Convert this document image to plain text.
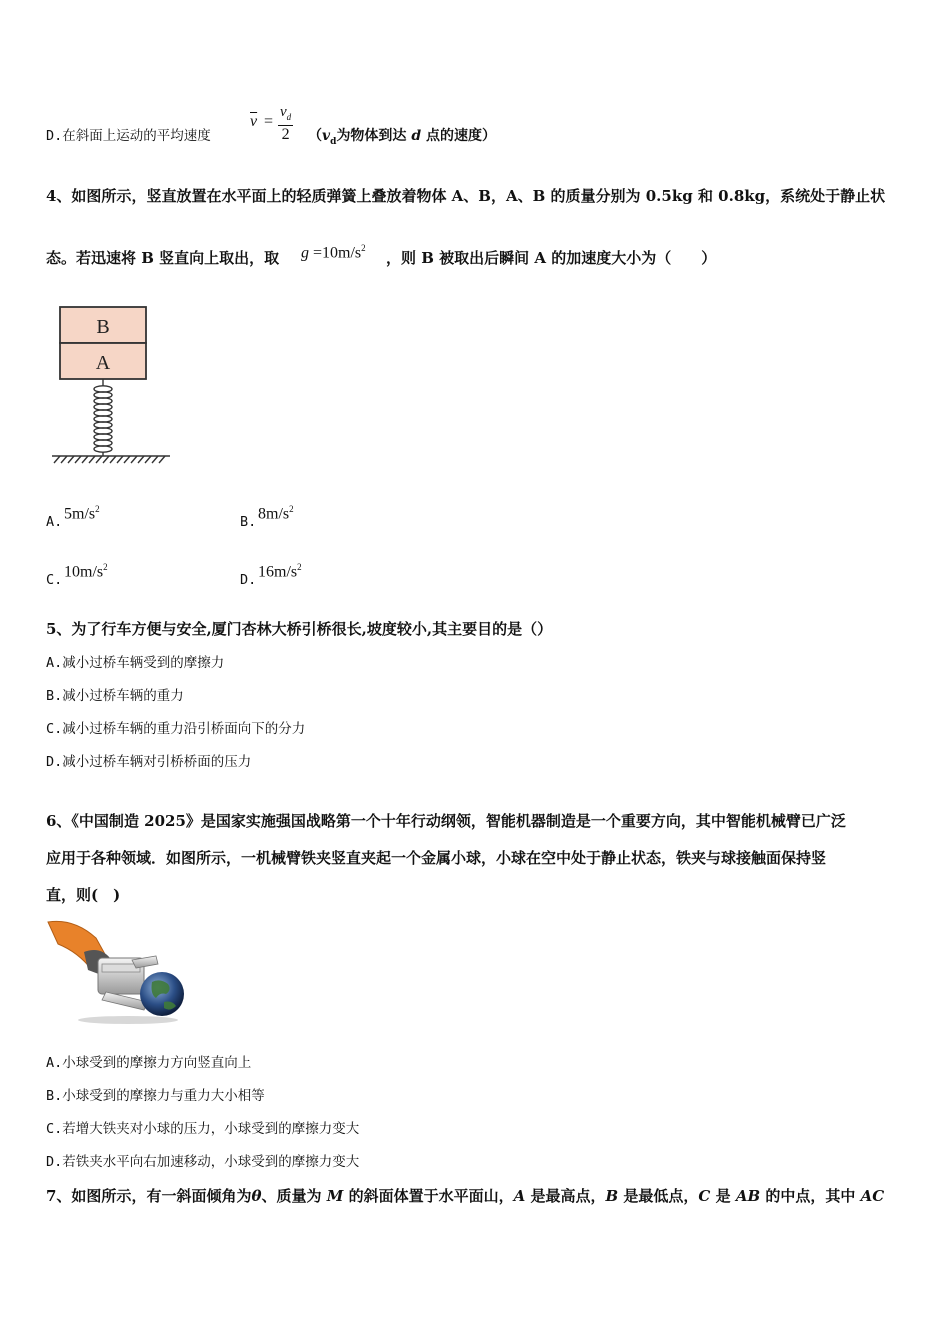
D.在斜面上运动的平均速度
$\overline{v} = \frac{v_d}{2} (v_d$为物体到达 d 点的速度）
4、如图所示，竖直放置在水平面上的轻质弹簧上叠放着物体 A、B，A、B 的质量分别为 0.5kg 和 0.8kg，系统处于静止状
态。若迅速将 B 竖直向上取出，取 $g =10m/s^2$
，则 B 被取出后瞬间 A 的加速度大小为（　　）
B
A
A. $5m/s^2$
B. $8m/s^2$
C. $10m/s^2$
D. $16m/s^2$
5、为了行车方便与安全,厦门杏林大桥引桥很长,坡度较小,其主要目的是（）
A.减小过桥车辆受到的摩擦力
B.减小过桥车辆的重力
C.减小过桥车辆的重力沿引桥面向下的分力
D.减小过桥车辆对引桥桥面的压力
6、《中国制造 2025》是国家实施强国战略第一个十年行动纲领，智能机器制造是一个重要方向，其中智能机械臂已广泛
应用于各种领域．如图所示，一机械臂铁夹竖直夹起一个金属小球，小球在空中处于静止状态，铁夹与球接触面保持竖
直，则(　)
A.小球受到的摩擦力方向竖直向上
B.小球受到的摩擦力与重力大小相等
C.若增大铁夹对小球的压力，小球受到的摩擦力变大
D.若铁夹水平向右加速移动，小球受到的摩擦力变大
7、如图所示，有一斜面倾角为θ、质量为 M 的斜面体置于水平面山，A 是最高点，B 是最低点，C 是 AB 的中点，其中 AC
